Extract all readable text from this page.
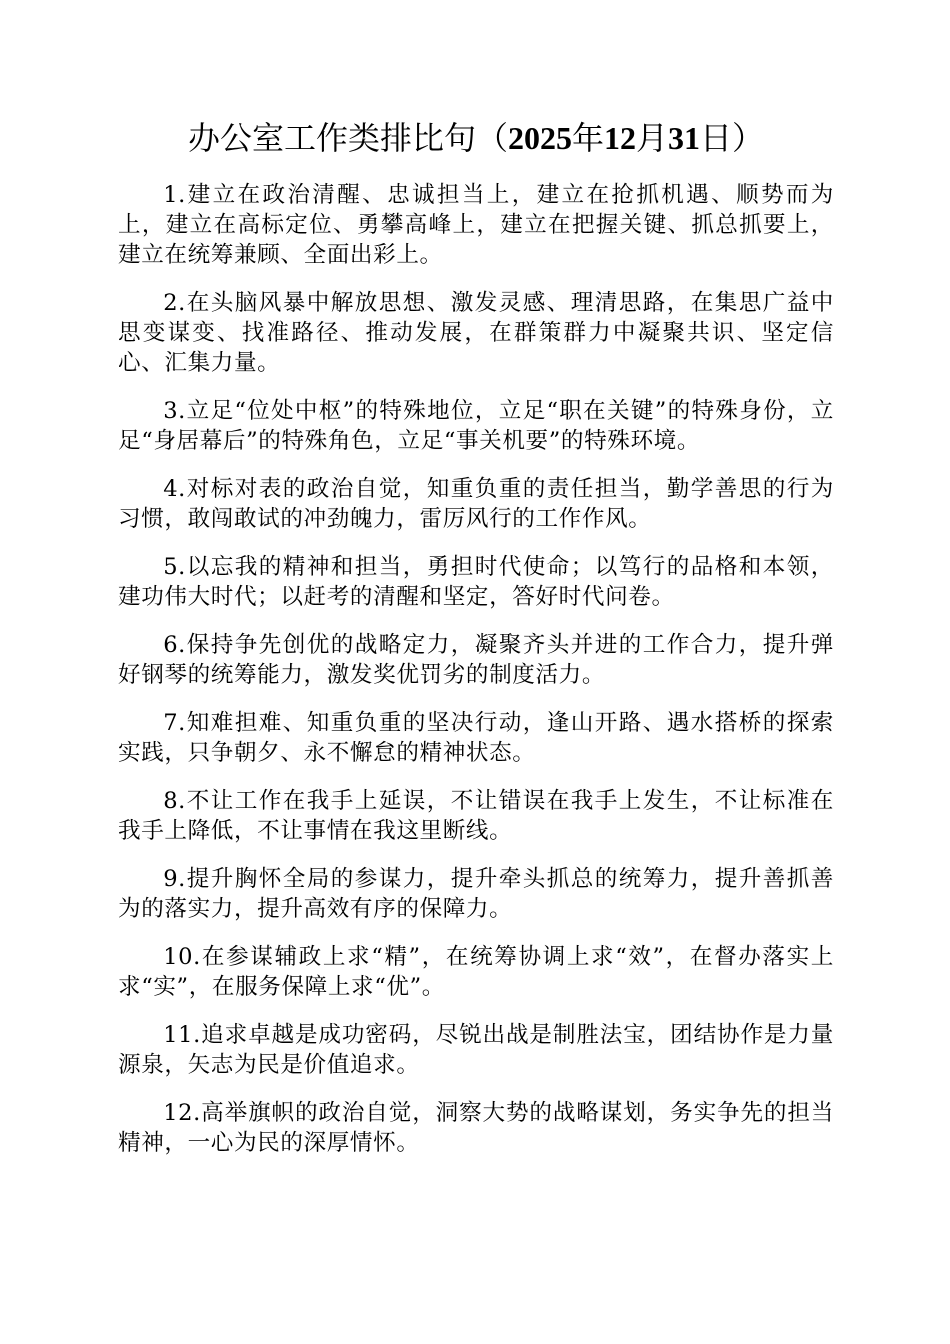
办公室工作类排比句（2025年12月31日）

1.建立在政治清醒、忠诚担当上，建立在抢抓机遇、顺势而为上，建立在高标定位、勇攀高峰上，建立在把握关键、抓总抓要上，建立在统筹兼顾、全面出彩上。

2.在头脑风暴中解放思想、激发灵感、理清思路，在集思广益中思变谋变、找准路径、推动发展，在群策群力中凝聚共识、坚定信心、汇集力量。

3.立足“位处中枢”的特殊地位，立足“职在关键”的特殊身份，立足“身居幕后”的特殊角色，立足“事关机要”的特殊环境。

4.对标对表的政治自觉，知重负重的责任担当，勤学善思的行为习惯，敢闯敢试的冲劲魄力，雷厉风行的工作作风。

5.以忘我的精神和担当，勇担时代使命；以笃行的品格和本领，建功伟大时代；以赶考的清醒和坚定，答好时代问卷。

6.保持争先创优的战略定力，凝聚齐头并进的工作合力，提升弹好钢琴的统筹能力，激发奖优罚劣的制度活力。

7.知难担难、知重负重的坚决行动，逢山开路、遇水搭桥的探索实践，只争朝夕、永不懈怠的精神状态。

8.不让工作在我手上延误，不让错误在我手上发生，不让标准在我手上降低，不让事情在我这里断线。

9.提升胸怀全局的参谋力，提升牵头抓总的统筹力，提升善抓善为的落实力，提升高效有序的保障力。

10.在参谋辅政上求“精”，在统筹协调上求“效”，在督办落实上求“实”，在服务保障上求“优”。

11.追求卓越是成功密码，尽锐出战是制胜法宝，团结协作是力量源泉，矢志为民是价值追求。

12.高举旗帜的政治自觉，洞察大势的战略谋划，务实争先的担当精神，一心为民的深厚情怀。
